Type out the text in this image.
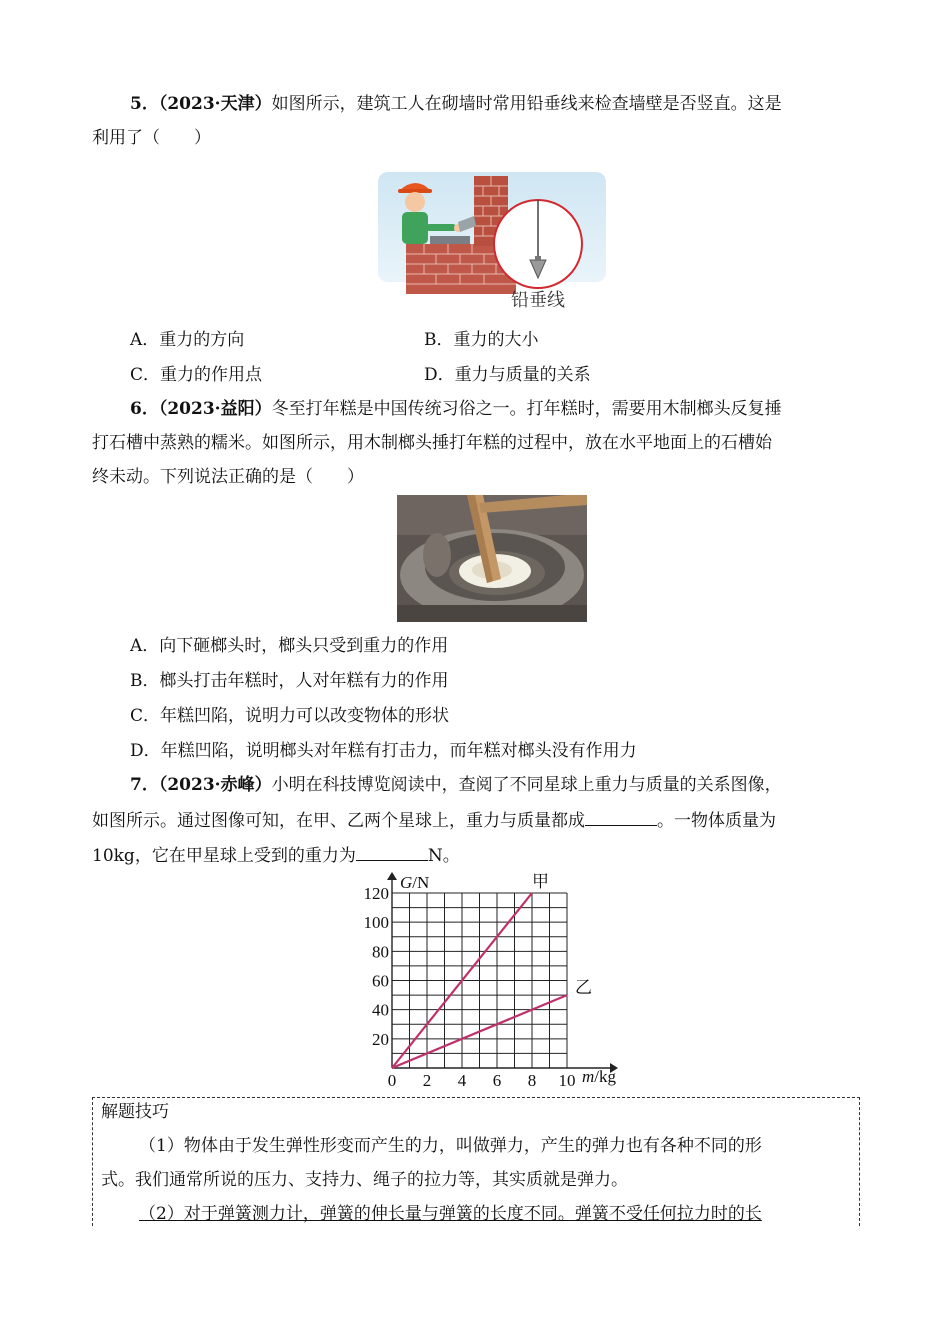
5．（2023·天津）如图所示，建筑工人在砌墙时常用铅垂线来检查墙壁是否竖直。这是
利用了（　　）
铅垂线
A．重力的方向	B．重力的大小
C．重力的作用点	D．重力与质量的关系
6．（2023·益阳）冬至打年糕是中国传统习俗之一。打年糕时，需要用木制榔头反复捶
打石槽中蒸熟的糯米。如图所示，用木制榔头捶打年糕的过程中，放在水平地面上的石槽始
终未动。下列说法正确的是（　　）
A．向下砸榔头时，榔头只受到重力的作用
B．榔头打击年糕时，人对年糕有力的作用
C．年糕凹陷，说明力可以改变物体的形状
D．年糕凹陷，说明榔头对年糕有打击力，而年糕对榔头没有作用力
7．（2023·赤峰）小明在科技博览阅读中，查阅了不同星球上重力与质量的关系图像，
如图所示。通过图像可知，在甲、乙两个星球上，重力与质量都成	。一物体质量为
10kg，它在甲星球上受到的重力为	N。
G/N
m/kg
0 2 4 6 8 10
20
40
60
80
100
120
甲
乙
解题技巧
（1）物体由于发生弹性形变而产生的力，叫做弹力，产生的弹力也有各种不同的形
式。我们通常所说的压力、支持力、绳子的拉力等，其实质就是弹力。
（2）对于弹簧测力计，弹簧的伸长量与弹簧的长度不同。弹簧不受任何拉力时的长
